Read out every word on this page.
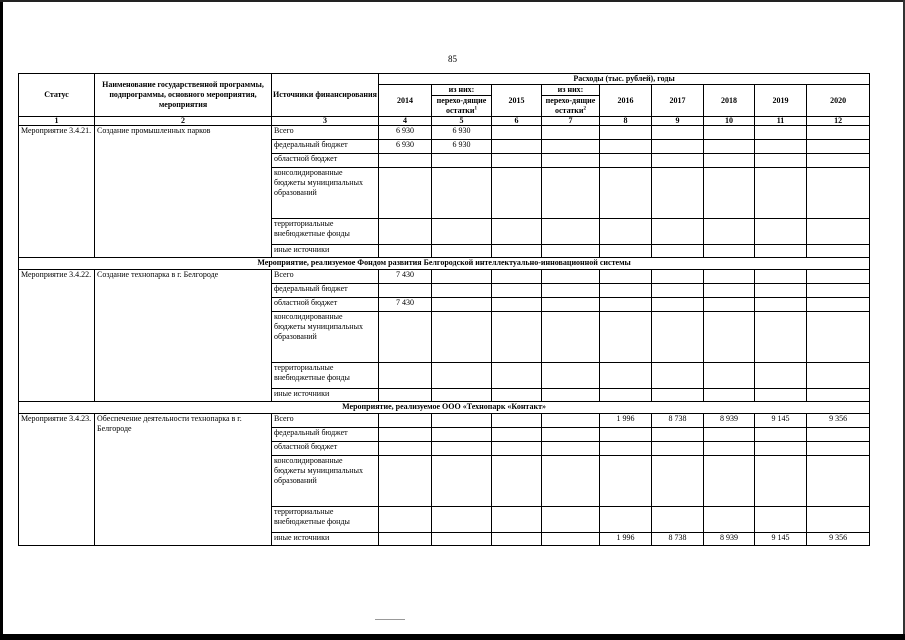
85
Статус	Наименование государственной программы, подпрограммы, основного мероприятия, мероприятия	Источники финансирования	Расходы (тыс. рублей), годы								
			2014	из них:	2015	из них:	2016	2017	2018	2019	2020
				перехо-дящие остатки$^1$		перехо-дящие остатки$^2$
1	2	3	4	5	6	7	8	9	10	11	12
Мероприятие 3.4.21.	Создание промышленных парков	Всего	6 930	6 930							
		федеральный бюджет	6 930	6 930							
		областной бюджет									
		консолидированные бюджеты муниципальных образований									
		территориальные внебюджетные фонды									
		иные источники									
Мероприятие, реализуемое Фондом развития Белгородской интеллектуально-инновационной системы											
Мероприятие 3.4.22.	Создание технопарка в г. Белгороде	Всего	7 430								
		федеральный бюджет									
		областной бюджет	7 430								
		консолидированные бюджеты муниципальных образований									
		территориальные внебюджетные фонды									
		иные источники									
Мероприятие, реализуемое ООО «Технопарк «Контакт»											
Мероприятие 3.4.23.	Обеспечение деятельности технопарка в г. Белгороде	Всего					1 996	8 738	8 939	9 145	9 356
		федеральный бюджет									
		областной бюджет									
		консолидированные бюджеты муниципальных образований									
		территориальные внебюджетные фонды									
		иные источники					1 996	8 738	8 939	9 145	9 356
